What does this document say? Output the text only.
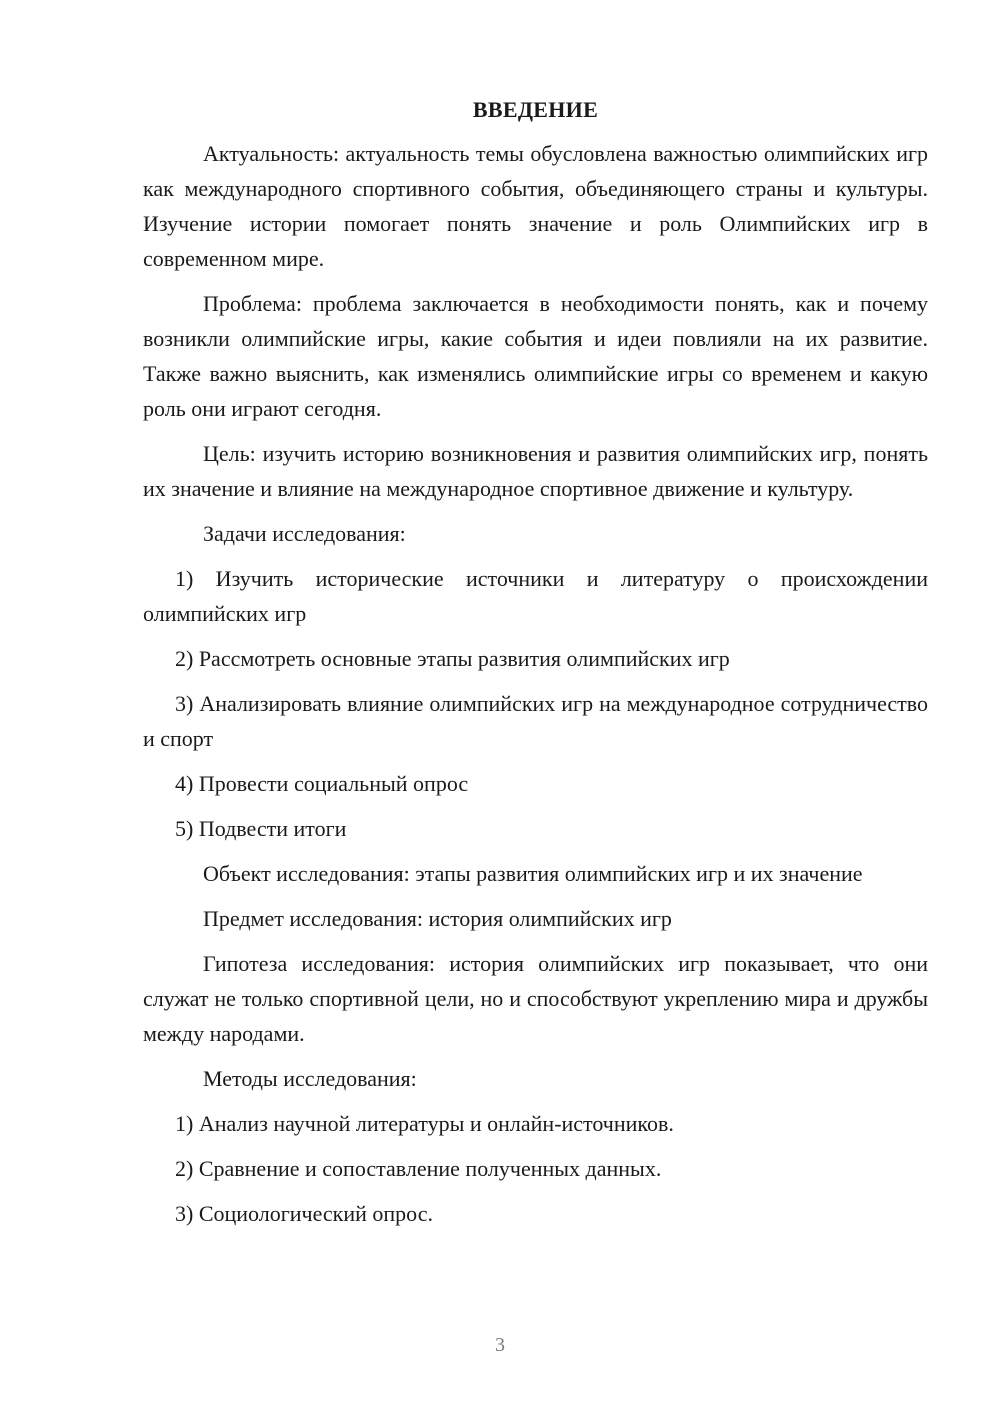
ВВЕДЕНИЕ

Актуальность: актуальность темы обусловлена важностью олимпийских игр как международного спортивного события, объединяющего страны и культуры. Изучение истории помогает понять значение и роль Олимпийских игр в современном мире.

Проблема: проблема заключается в необходимости понять, как и почему возникли олимпийские игры, какие события и идеи повлияли на их развитие. Также важно выяснить, как изменялись олимпийские игры со временем и какую роль они играют сегодня.

Цель: изучить историю возникновения и развития олимпийских игр, понять их значение и влияние на международное спортивное движение и культуру.

Задачи исследования:

1) Изучить исторические источники и литературу о происхождении олимпийских игр

2) Рассмотреть основные этапы развития олимпийских игр

3) Анализировать влияние олимпийских игр на международное сотрудничество и спорт

4) Провести социальный опрос

5) Подвести итоги

Объект исследования: этапы развития олимпийских игр и их значение

Предмет исследования: история олимпийских игр

Гипотеза исследования: история олимпийских игр показывает, что они служат не только спортивной цели, но и способствуют укреплению мира и дружбы между народами.

Методы исследования:

1) Анализ научной литературы и онлайн-источников.

2) Сравнение и сопоставление полученных данных.

3) Социологический опрос.

3
